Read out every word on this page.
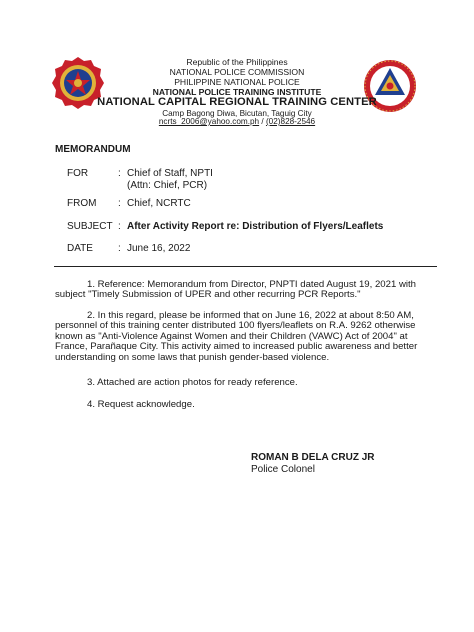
Republic of the Philippines
NATIONAL POLICE COMMISSION
PHILIPPINE NATIONAL POLICE
NATIONAL POLICE TRAINING INSTITUTE
NATIONAL CAPITAL REGIONAL TRAINING CENTER
Camp Bagong Diwa, Bicutan, Taguig City
ncrts_2006@yahoo.com.ph / (02)828-2546
MEMORANDUM
FOR	: Chief of Staff, NPTI
(Attn: Chief, PCR)
FROM : Chief, NCRTC
SUBJECT : After Activity Report re: Distribution of Flyers/Leaflets
DATE	: June 16, 2022
1. Reference: Memorandum from Director, PNPTI dated August 19, 2021 with
subject "Timely Submission of UPER and other recurring PCR Reports."
2. In this regard, please be informed that on June 16, 2022 at about 8:50 AM,
personnel of this training center distributed 100 flyers/leaflets on R.A. 9262 otherwise
known as "Anti-Violence Against Women and their Children (VAWC) Act of 2004" at
France, Parañaque City. This activity aimed to increased public awareness and better
understanding on some laws that punish gender-based violence.
3. Attached are action photos for ready reference.
4. Request acknowledge.
ROMAN B DELA CRUZ JR
Police Colonel
